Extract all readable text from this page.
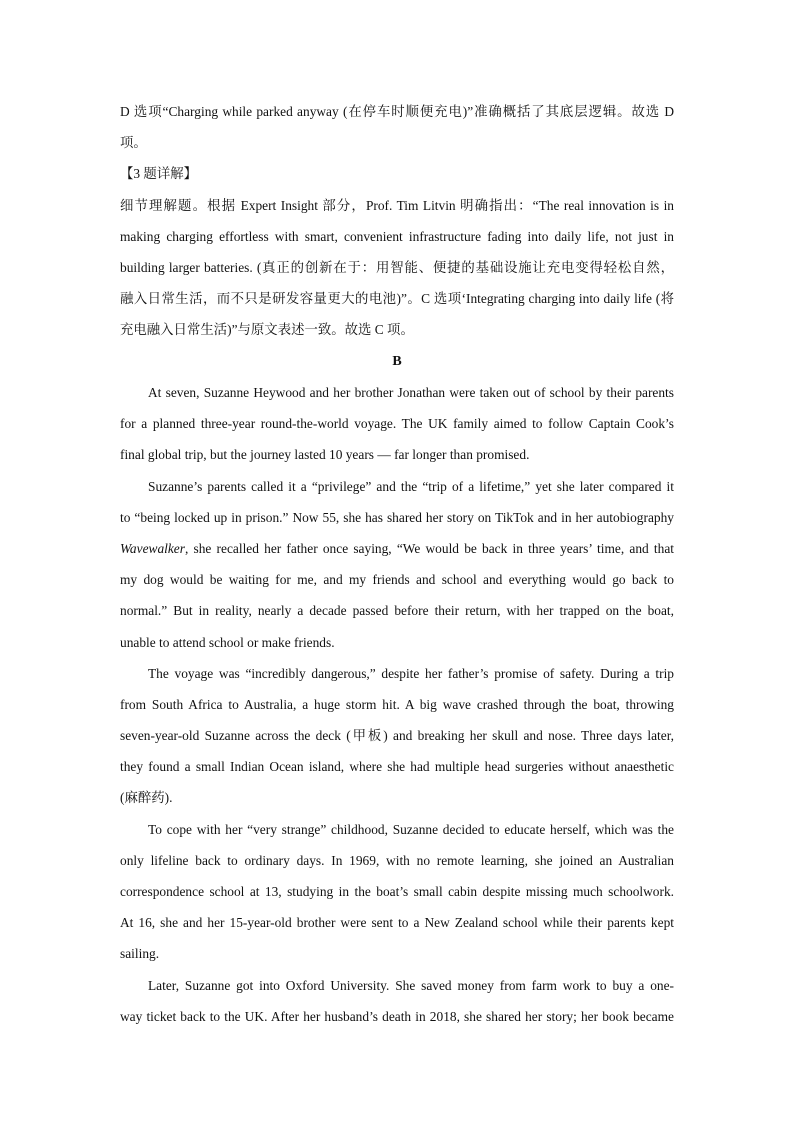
D 选项“Charging while parked anyway (在停车时顺便充电)”准确概括了其底层逻辑。故选 D
项。
【3 题详解】
细节理解题。根据 Expert Insight 部分，Prof. Tim Litvin 明确指出：“The real innovation is in
making charging effortless with smart, convenient infrastructure fading into daily life, not just in
building larger batteries. (真正的创新在于：用智能、便捷的基础设施让充电变得轻松自然，
融入日常生活，而不只是研发容量更大的电池)”。C 选项‘Integrating charging into daily life (将
充电融入日常生活)”与原文表述一致。故选 C 项。
B
At seven, Suzanne Heywood and her brother Jonathan were taken out of school by their parents
for a planned three-year round-the-world voyage. The UK family aimed to follow Captain Cook’s
final global trip, but the journey lasted 10 years — far longer than promised.
Suzanne’s parents called it a “privilege” and the “trip of a lifetime,” yet she later compared it
to “being locked up in prison.” Now 55, she has shared her story on TikTok and in her autobiography
Wavewalker, she recalled her father once saying, “We would be back in three years’ time, and that
my dog would be waiting for me, and my friends and school and everything would go back to
normal.” But in reality, nearly a decade passed before their return, with her trapped on the boat,
unable to attend school or make friends.
The voyage was “incredibly dangerous,” despite her father’s promise of safety. During a trip
from South Africa to Australia, a huge storm hit. A big wave crashed through the boat, throwing
seven-year-old Suzanne across the deck (甲板) and breaking her skull and nose. Three days later,
they found a small Indian Ocean island, where she had multiple head surgeries without anaesthetic
(麻醉药).
To cope with her “very strange” childhood, Suzanne decided to educate herself, which was the
only lifeline back to ordinary days. In 1969, with no remote learning, she joined an Australian
correspondence school at 13, studying in the boat’s small cabin despite missing much schoolwork.
At 16, she and her 15-year-old brother were sent to a New Zealand school while their parents kept
sailing.
Later, Suzanne got into Oxford University. She saved money from farm work to buy a one-
way ticket back to the UK. After her husband’s death in 2018, she shared her story; her book became
